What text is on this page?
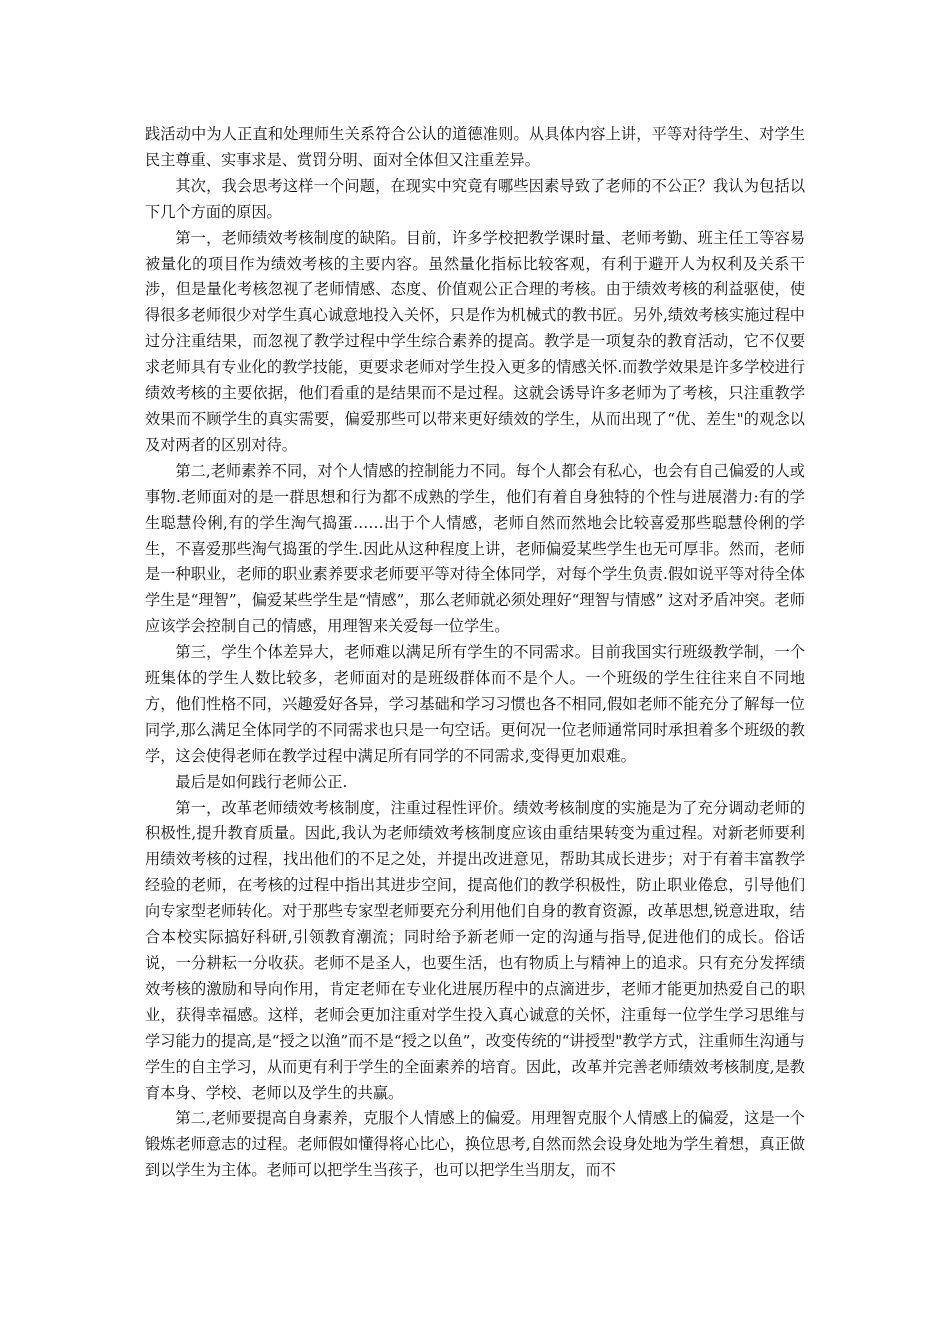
践活动中为人正直和处理师生关系符合公认的道德准则。从具体内容上讲，平等对待学生、对学生民主尊重、实事求是、赏罚分明、面对全体但又注重差异。

其次，我会思考这样一个问题，在现实中究竟有哪些因素导致了老师的不公正？我认为包括以下几个方面的原因。

第一，老师绩效考核制度的缺陷。目前，许多学校把教学课时量、老师考勤、班主任工等容易被量化的项目作为绩效考核的主要内容。虽然量化指标比较客观，有利于避开人为权利及关系干涉，但是量化考核忽视了老师情感、态度、价值观公正合理的考核。由于绩效考核的利益驱使，使得很多老师很少对学生真心诚意地投入关怀，只是作为机械式的教书匠。另外,绩效考核实施过程中过分注重结果，而忽视了教学过程中学生综合素养的提高。教学是一项复杂的教育活动，它不仅要求老师具有专业化的教学技能，更要求老师对学生投入更多的情感关怀.而教学效果是许多学校进行绩效考核的主要依据，他们看重的是结果而不是过程。这就会诱导许多老师为了考核，只注重教学效果而不顾学生的真实需要，偏爱那些可以带来更好绩效的学生，从而出现了“优、差生"的观念以及对两者的区别对待。

第二,老师素养不同，对个人情感的控制能力不同。每个人都会有私心，也会有自己偏爱的人或事物.老师面对的是一群思想和行为都不成熟的学生，他们有着自身独特的个性与进展潜力:有的学生聪慧伶俐,有的学生淘气捣蛋……出于个人情感，老师自然而然地会比较喜爱那些聪慧伶俐的学生，不喜爱那些淘气捣蛋的学生.因此从这种程度上讲，老师偏爱某些学生也无可厚非。然而，老师是一种职业，老师的职业素养要求老师要平等对待全体同学，对每个学生负责.假如说平等对待全体学生是“理智”，偏爱某些学生是“情感”，那么老师就必须处理好“理智与情感” 这对矛盾冲突。老师应该学会控制自己的情感，用理智来关爱每一位学生。

第三，学生个体差异大，老师难以满足所有学生的不同需求。目前我国实行班级教学制，一个班集体的学生人数比较多，老师面对的是班级群体而不是个人。一个班级的学生往往来自不同地方，他们性格不同，兴趣爱好各异，学习基础和学习习惯也各不相同,假如老师不能充分了解每一位同学,那么满足全体同学的不同需求也只是一句空话。更何况一位老师通常同时承担着多个班级的教学，这会使得老师在教学过程中满足所有同学的不同需求,变得更加艰难。

最后是如何践行老师公正.

第一，改革老师绩效考核制度，注重过程性评价。绩效考核制度的实施是为了充分调动老师的积极性,提升教育质量。因此,我认为老师绩效考核制度应该由重结果转变为重过程。对新老师要利用绩效考核的过程，找出他们的不足之处，并提出改进意见，帮助其成长进步；对于有着丰富教学经验的老师，在考核的过程中指出其进步空间，提高他们的教学积极性，防止职业倦怠，引导他们向专家型老师转化。对于那些专家型老师要充分利用他们自身的教育资源，改革思想,锐意进取，结合本校实际搞好科研,引领教育潮流；同时给予新老师一定的沟通与指导,促进他们的成长。俗话说，一分耕耘一分收获。老师不是圣人，也要生活，也有物质上与精神上的追求。只有充分发挥绩效考核的激励和导向作用，肯定老师在专业化进展历程中的点滴进步，老师才能更加热爱自己的职业，获得幸福感。这样，老师会更加注重对学生投入真心诚意的关怀，注重每一位学生学习思维与学习能力的提高,是“授之以渔”而不是“授之以鱼”，改变传统的“讲授型"教学方式，注重师生沟通与学生的自主学习，从而更有利于学生的全面素养的培育。因此，改革并完善老师绩效考核制度,是教育本身、学校、老师以及学生的共赢。

第二,老师要提高自身素养，克服个人情感上的偏爱。用理智克服个人情感上的偏爱，这是一个锻炼老师意志的过程。老师假如懂得将心比心，换位思考,自然而然会设身处地为学生着想，真正做到以学生为主体。老师可以把学生当孩子，也可以把学生当朋友，而不
